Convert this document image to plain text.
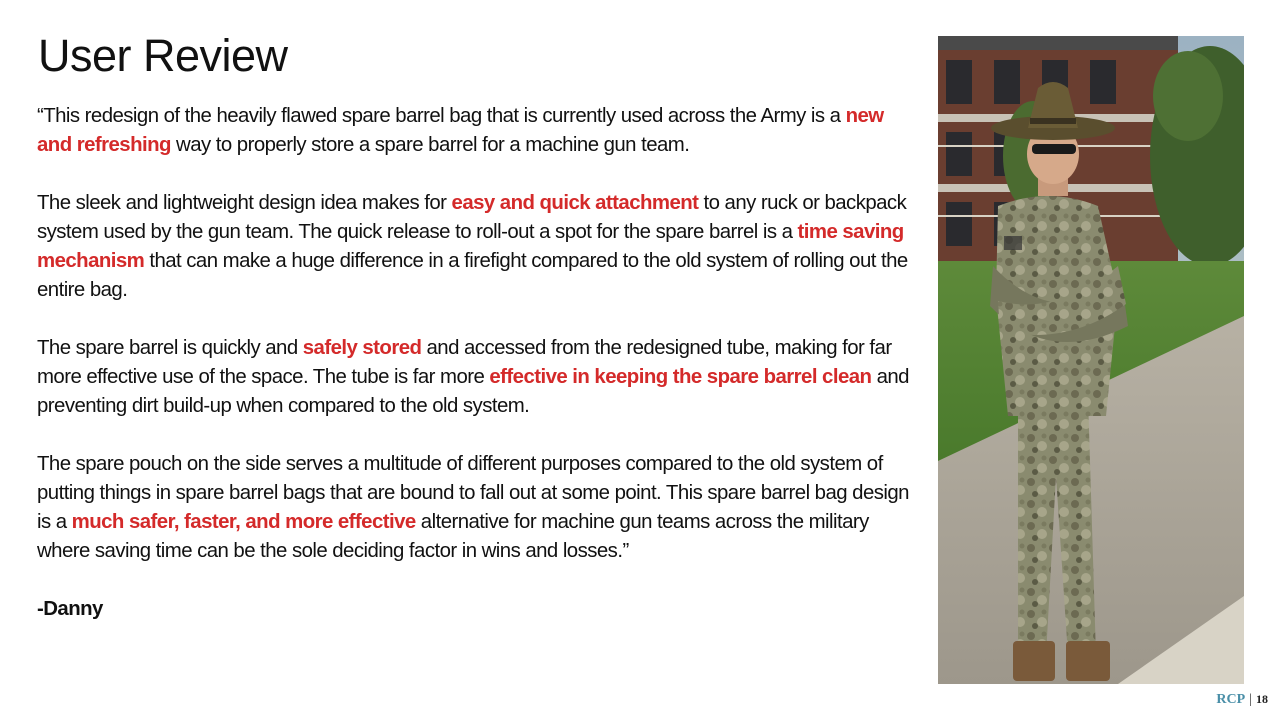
User Review

“This redesign of the heavily flawed spare barrel bag that is currently used across the Army is a new and refreshing way to properly store a spare barrel for a machine gun team.

The sleek and lightweight design idea makes for easy and quick attachment to any ruck or backpack system used by the gun team. The quick release to roll-out a spot for the spare barrel is a time saving mechanism that can make a huge difference in a firefight compared to the old system of rolling out the entire bag.

The spare barrel is quickly and safely stored and accessed from the redesigned tube, making for far more effective use of the space. The tube is far more effective in keeping the spare barrel clean and preventing dirt build-up when compared to the old system.

The spare pouch on the side serves a multitude of different purposes compared to the old system of putting things in spare barrel bags that are bound to fall out at some point. This spare barrel bag design is a much safer, faster, and more effective alternative for machine gun teams across the military where saving time can be the sole deciding factor in wins and losses.”

-Danny

RCP | 18
